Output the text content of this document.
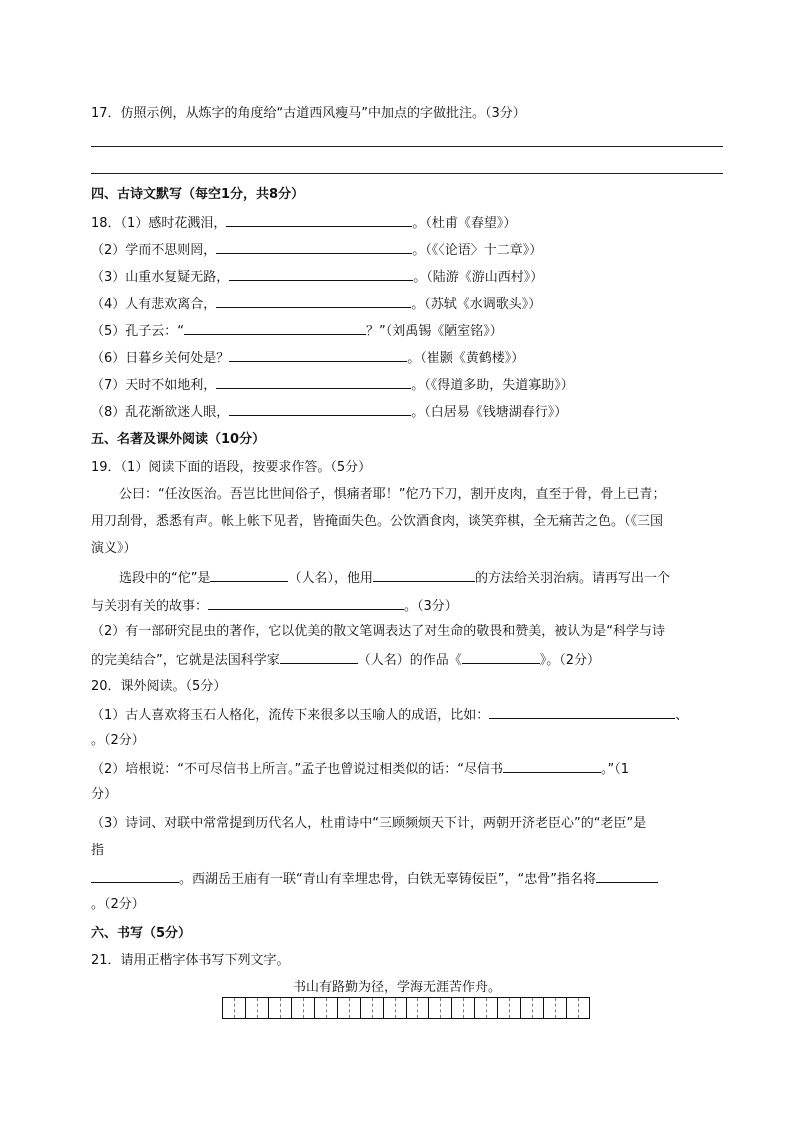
17．仿照示例，从炼字的角度给“古道西风瘦马”中加点的字做批注。（3分）
四、古诗文默写（每空1分，共8分）
18．（1）感时花溅泪，	。（杜甫《春望》）
（2）学而不思则罔，	。（《〈论语〉十二章》）
（3）山重水复疑无路，	。（陆游《游山西村》）
（4）人有悲欢离合，	。（苏轼《水调歌头》）
（5）孔子云：“	？”（刘禹锡《陋室铭》）
（6）日暮乡关何处是？	。（崔颢《黄鹤楼》）
（7）天时不如地利，	。（《得道多助，失道寡助》）
（8）乱花渐欲迷人眼，	。（白居易《钱塘湖春行》）
五、名著及课外阅读（10分）
19．（1）阅读下面的语段，按要求作答。（5分）
公曰：“任汝医治。吾岂比世间俗子，惧痛者耶！”佗乃下刀，割开皮肉，直至于骨，骨上已青；
用刀刮骨，悉悉有声。帐上帐下见者，皆掩面失色。公饮酒食肉，谈笑弈棋，全无痛苦之色。（《三国
演义》）
选段中的“佗”是	（人名），他用	的方法给关羽治病。请再写出一个
与关羽有关的故事：	。（3分）
（2）有一部研究昆虫的著作，它以优美的散文笔调表达了对生命的敬畏和赞美，被认为是“科学与诗
的完美结合”，它就是法国科学家	（人名）的作品《	》。（2分）
20．课外阅读。（5分）
（1）古人喜欢将玉石人格化，流传下来很多以玉喻人的成语，比如：	、
。（2分）
（2）培根说：“不可尽信书上所言。”孟子也曾说过相类似的话：“尽信书	。”（1
分）
（3）诗词、对联中常常提到历代名人，杜甫诗中“三顾频烦天下计，两朝开济老臣心”的“老臣”是
指
。西湖岳王庙有一联“青山有幸埋忠骨，白铁无辜铸佞臣”，“忠骨”指名将
。（2分）
六、书写（5分）
21．请用正楷字体书写下列文字。
书山有路勤为径，学海无涯苦作舟。
